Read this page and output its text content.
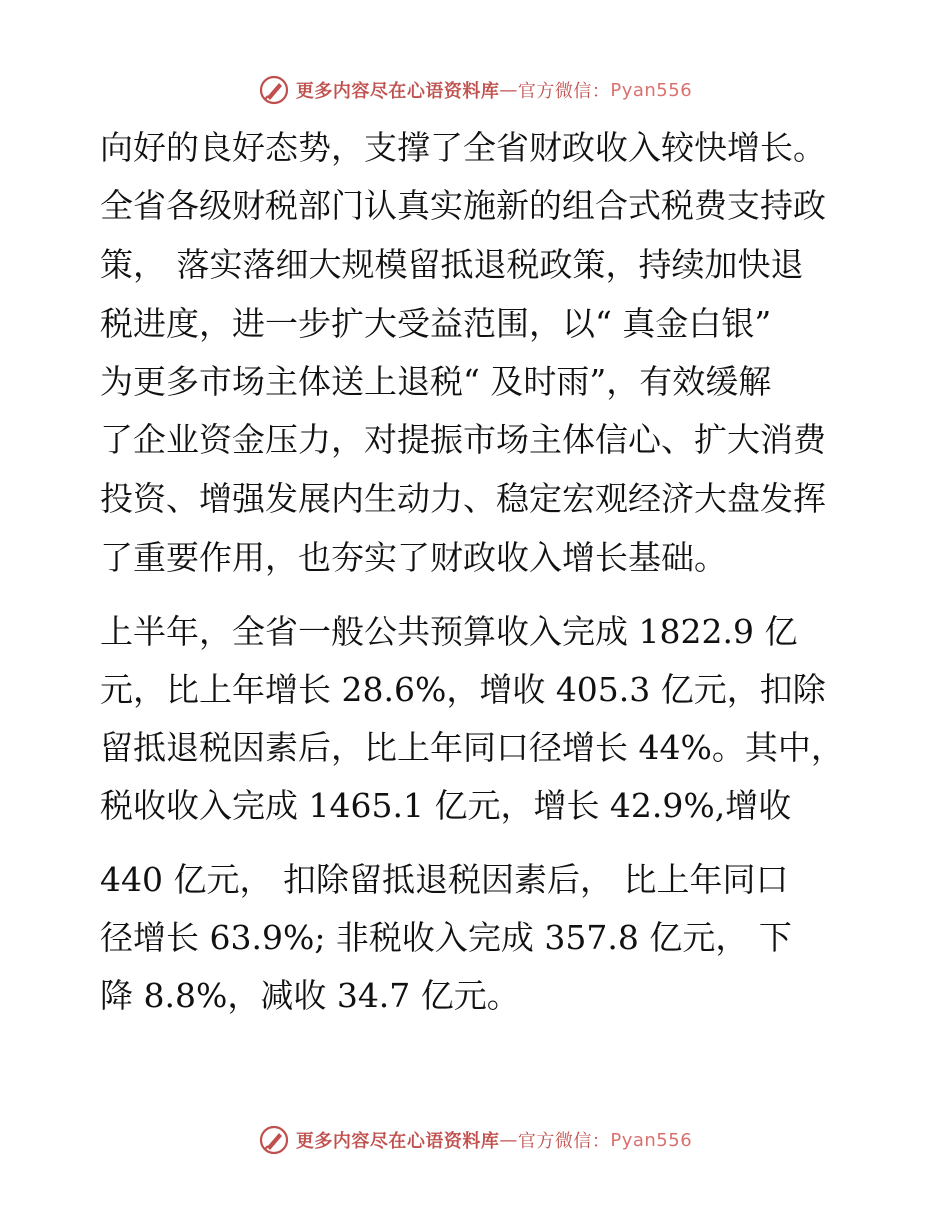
更多内容尽在心语资料库 — 官方微信： Pyan556
向好的良好态势，支撑了全省财政收入较快增长。
全省各级财税部门认真实施新的组合式税费支持政
策， 落实落细大规模留抵退税政策，持续加快退
税进度，进一步扩大受益范围，以“ 真金白银”
为更多市场主体送上退税“ 及时雨”，有效缓解
了企业资金压力，对提振市场主体信心、扩大消费
投资、增强发展内生动力、稳定宏观经济大盘发挥
了重要作用，也夯实了财政收入增长基础。
上半年，全省一般公共预算收入完成 1822.9 亿
元，比上年增长 28.6%，增收 405.3 亿元，扣除
留抵退税因素后，比上年同口径增长 44%。其中，
税收收入完成 1465.1 亿元，增长 42.9%,增收
440 亿元， 扣除留抵退税因素后， 比上年同口
径增长 63.9%; 非税收入完成 357.8 亿元， 下
降 8.8%，减收 34.7 亿元。
更多内容尽在心语资料库 — 官方微信： Pyan556
